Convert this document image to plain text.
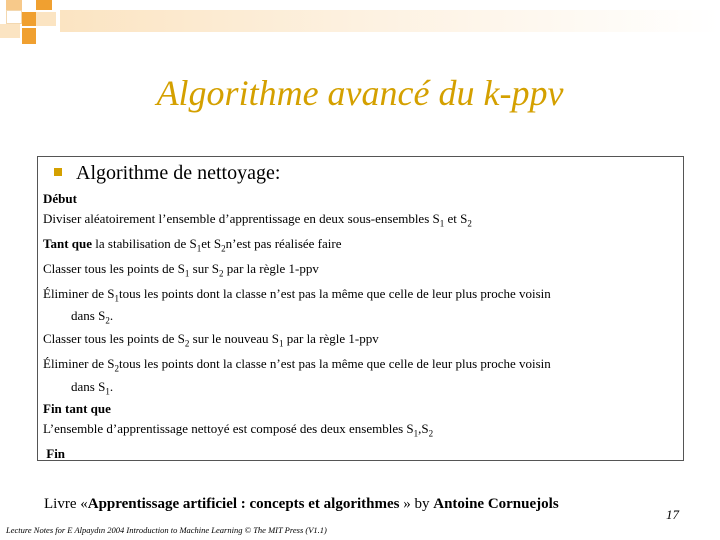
Algorithme avancé du k-ppv
Algorithme de nettoyage:
Début
Diviser aléatoirement l’ensemble d’apprentissage en deux sous-ensembles $S_1$ et $S_2$
Tant que la stabilisation de $S_1et$ $S_2n’est$ pas réalisée faire
Classer tous les points de $S_1$ sur $S_2$ par la règle 1-ppv
Éliminer de $S_1tous$ les points dont la classe n’est pas la même que celle de leur plus proche voisin
dans $S_2$.
Classer tous les points de $S_2$ sur le nouveau $S_1$ par la règle 1-ppv
Éliminer de $S_2tous$ les points dont la classe n’est pas la même que celle de leur plus proche voisin
dans $S_1$.
Fin tant que
L’ensemble d’apprentissage nettoyé est composé des deux ensembles $S_1,S_2$
Fin
Livre «Apprentissage artificiel : concepts et algorithmes » by Antoine Cornuejols
17
Lecture Notes for E Alpaydın 2004 Introduction to Machine Learning © The MIT Press (V1.1)
